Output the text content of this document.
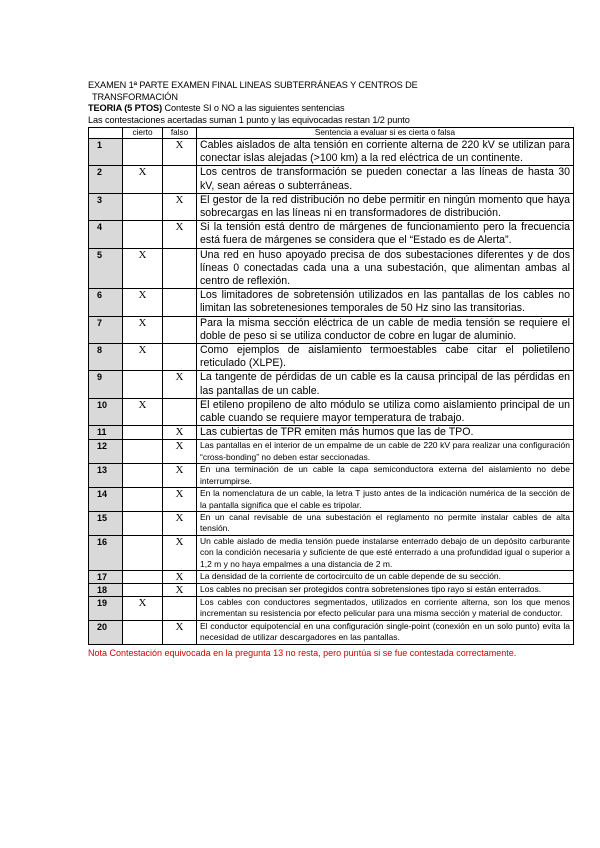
EXAMEN 1ª PARTE EXAMEN FINAL LINEAS SUBTERRÁNEAS Y CENTROS DE
TRANSFORMACIÓN
TEORIA (5 PTOS) Conteste SI o NO a las siguientes sentencias
Las contestaciones acertadas suman 1 punto y las equivocadas restan 1/2 punto
	cierto	falso	Sentencia a evaluar si es cierta o falsa
1		X	Cables aislados de alta tensión en corriente alterna de 220 kV se utilizan para conectar islas alejadas (>100 km) a la red eléctrica de un continente.
2	X		Los centros de transformación se pueden conectar a las líneas de hasta 30 kV, sean aéreas o subterráneas.
3		X	El gestor de la red distribución no debe permitir en ningún momento que haya sobrecargas en las líneas ni en transformadores de distribución.
4		X	Si la tensión está dentro de márgenes de funcionamiento pero la frecuencia está fuera de márgenes se considera que el “Estado es de Alerta”.
5	X		Una red en huso apoyado precisa de dos subestaciones diferentes y de dos líneas 0 conectadas cada una a una subestación, que alimentan ambas al centro de reflexión.
6	X		Los limitadores de sobretensión utilizados en las pantallas de los cables no limitan las sobretenesiones temporales de 50 Hz sino las transitorias.
7	X		Para la misma sección eléctrica de un cable de media tensión se requiere el doble de peso si se utiliza conductor de cobre en lugar de aluminio.
8	X		Como ejemplos de aislamiento termoestables cabe citar el polietileno reticulado (XLPE).
9		X	La tangente de pérdidas de un cable es la causa principal de las pérdidas en las pantallas de un cable.
10	X		El etileno propileno de alto módulo se utiliza como aislamiento principal de un cable cuando se requiere mayor temperatura de trabajo.
11		X	Las cubiertas de TPR emiten más humos que las de TPO.
12		X	Las pantallas en el interior de un empalme de un cable de 220 kV para realizar una configuración “cross-bonding” no deben estar seccionadas.
13		X	En una terminación de un cable la capa semiconductora externa del aislamiento no debe interrumpirse.
14		X	En la nomenclatura de un cable, la letra T justo antes de la indicación numérica de la sección de la pantalla significa que el cable es tripolar.
15		X	En un canal revisable de una subestación el reglamento no permite instalar cables de alta tensión.
16		X	Un cable aislado de media tensión puede instalarse enterrado debajo de un depósito carburante con la condición necesaria y suficiente de que esté enterrado a una profundidad igual o superior a 1,2 m y no haya empalmes a una distancia de 2 m.
17		X	La densidad de la corriente de cortocircuito de un cable depende de su sección.
18		X	Los cables no precisan ser protegidos contra sobretensiones tipo rayo si están enterrados.
19	X		Los cables con conductores segmentados, utilizados en corriente alterna, son los que menos incrementan su resistencia por efecto pelicular para una misma sección y material de conductor.
20		X	El conductor equipotencial en una configuración single-point (conexión en un solo punto) evita la necesidad de utilizar descargadores en las pantallas.
Nota Contestación equivocada en la pregunta 13 no resta, pero puntúa si se fue contestada correctamente.
